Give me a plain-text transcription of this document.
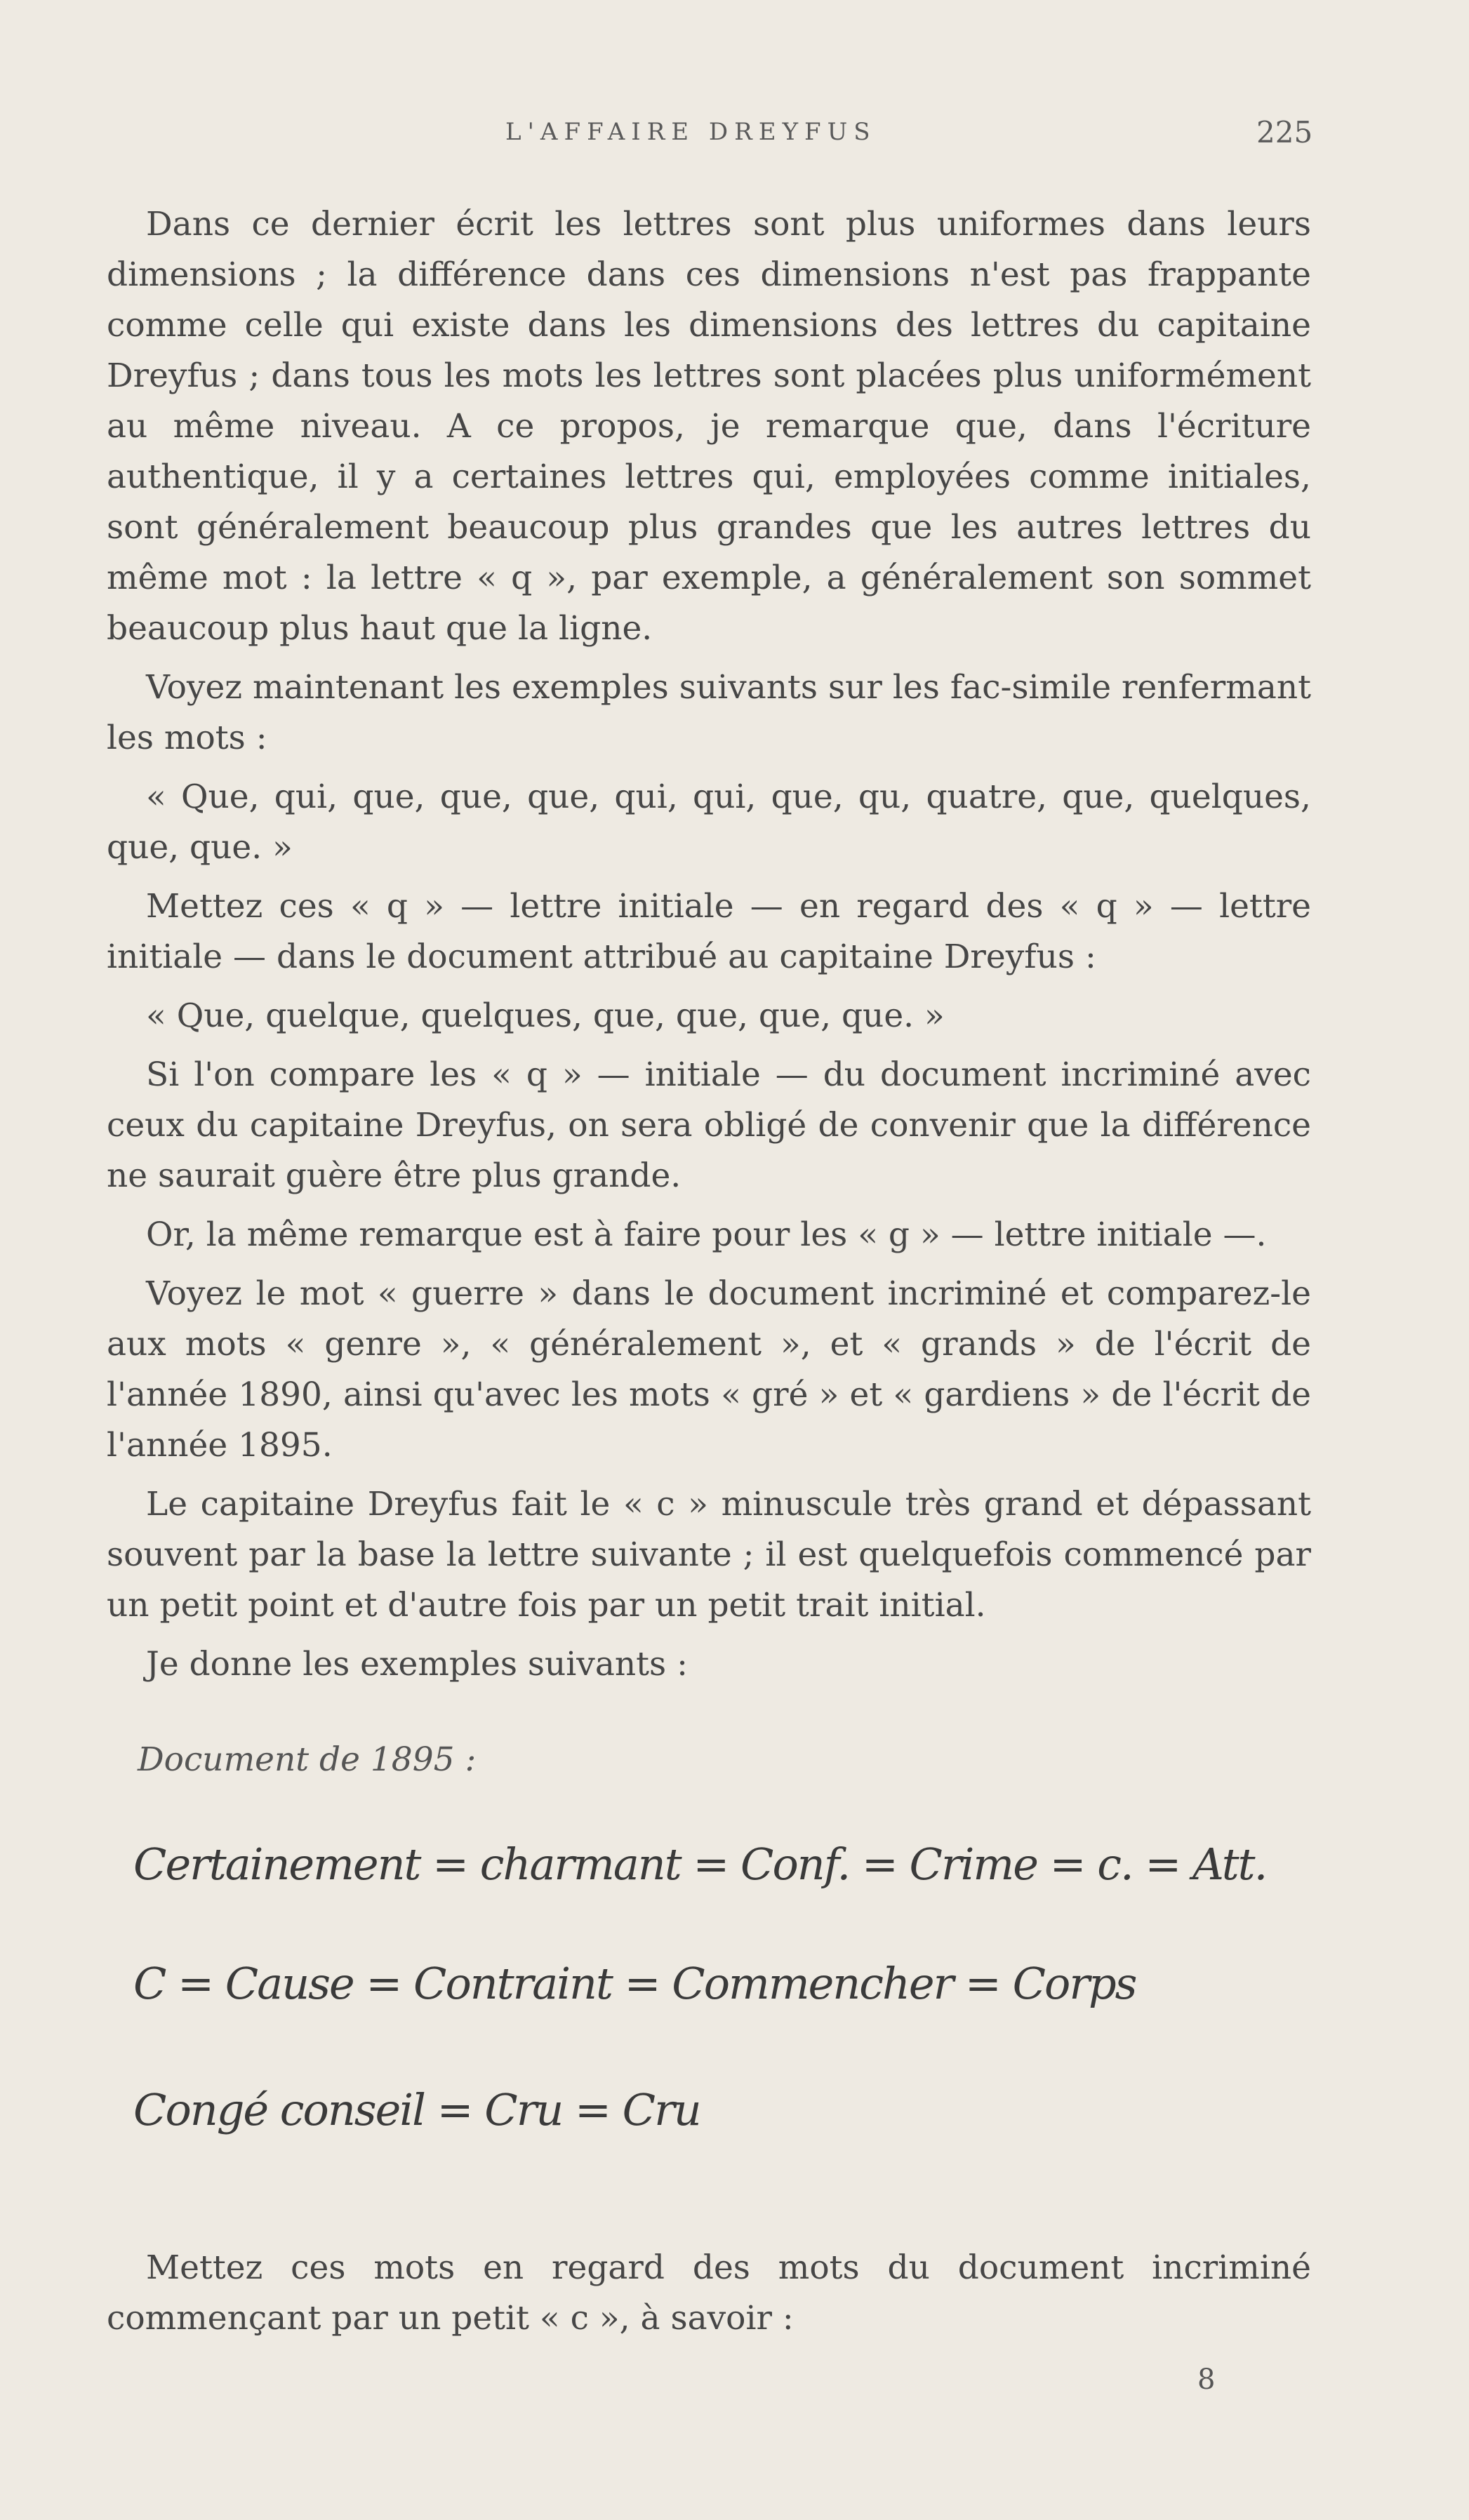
L'AFFAIRE DREYFUS	225

Dans ce dernier écrit les lettres sont plus uniformes dans leurs dimensions ; la différence dans ces dimensions n'est pas frappante comme celle qui existe dans les dimensions des lettres du capitaine Dreyfus ; dans tous les mots les lettres sont placées plus uniformément au même niveau. A ce propos, je remarque que, dans l'écriture authentique, il y a certaines lettres qui, employées comme initiales, sont généralement beaucoup plus grandes que les autres lettres du même mot : la lettre « q », par exemple, a généralement son sommet beaucoup plus haut que la ligne.

Voyez maintenant les exemples suivants sur les fac-simile renfermant les mots :

« Que, qui, que, que, que, qui, qui, que, qu, quatre, que, quelques, que, que. »

Mettez ces « q » — lettre initiale — en regard des « q » — lettre initiale — dans le document attribué au capitaine Dreyfus :

« Que, quelque, quelques, que, que, que, que. »

Si l'on compare les « q » — initiale — du document incriminé avec ceux du capitaine Dreyfus, on sera obligé de convenir que la différence ne saurait guère être plus grande.

Or, la même remarque est à faire pour les « g » — lettre initiale —.

Voyez le mot « guerre » dans le document incriminé et comparez-le aux mots « genre », « généralement », et « grands » de l'écrit de l'année 1890, ainsi qu'avec les mots « gré » et « gardiens » de l'écrit de l'année 1895.

Le capitaine Dreyfus fait le « c » minuscule très grand et dépassant souvent par la base la lettre suivante ; il est quelquefois commencé par un petit point et d'autre fois par un petit trait initial.

Je donne les exemples suivants :

Document de 1895 :
Certainement = charmant = Conf. = Crime = c. = Att.
C = Cause = Contraint = Commencher = Corps
Congé conseil = Cru = Cru

Mettez ces mots en regard des mots du document incriminé commençant par un petit « c », à savoir :

8
